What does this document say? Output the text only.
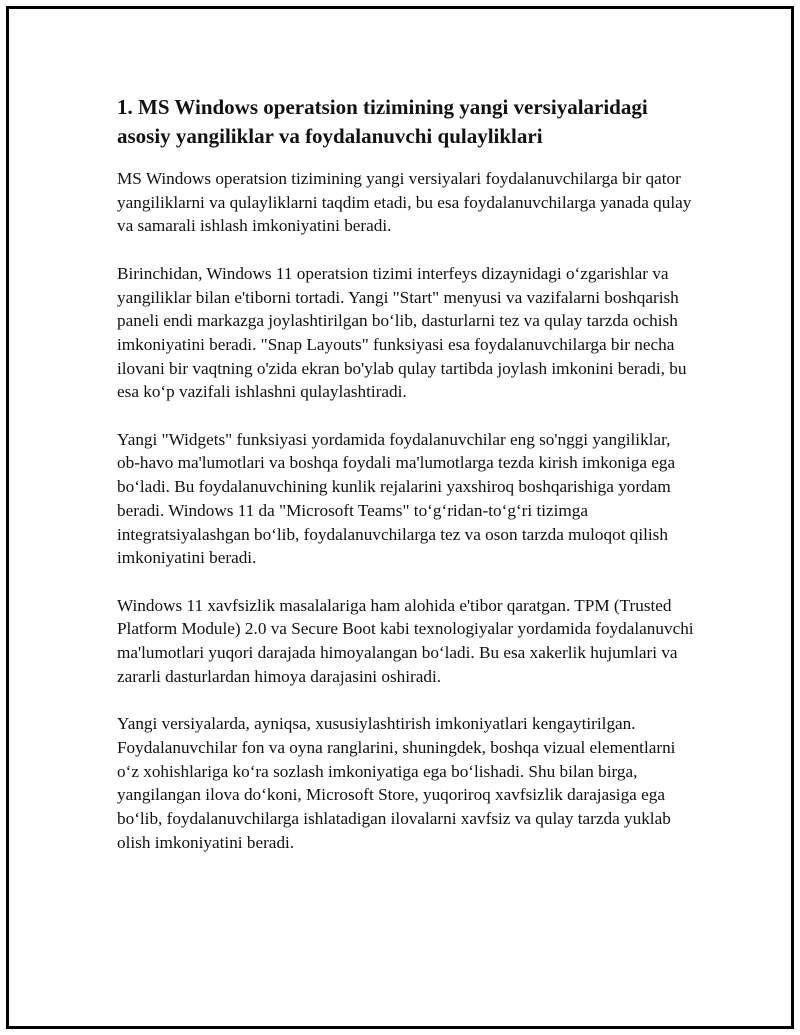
1. MS Windows operatsion tizimining yangi versiyalaridagi asosiy yangiliklar va foydalanuvchi qulayliklari

MS Windows operatsion tizimining yangi versiyalari foydalanuvchilarga bir qator yangiliklarni va qulayliklarni taqdim etadi, bu esa foydalanuvchilarga yanada qulay va samarali ishlash imkoniyatini beradi.

Birinchidan, Windows 11 operatsion tizimi interfeys dizaynidagi o‘zgarishlar va yangiliklar bilan e'tiborni tortadi. Yangi "Start" menyusi va vazifalarni boshqarish paneli endi markazga joylashtirilgan bo‘lib, dasturlarni tez va qulay tarzda ochish imkoniyatini beradi. "Snap Layouts" funksiyasi esa foydalanuvchilarga bir necha ilovani bir vaqtning o'zida ekran bo'ylab qulay tartibda joylash imkonini beradi, bu esa ko‘p vazifali ishlashni qulaylashtiradi.

Yangi "Widgets" funksiyasi yordamida foydalanuvchilar eng so'nggi yangiliklar, ob-havo ma'lumotlari va boshqa foydali ma'lumotlarga tezda kirish imkoniga ega bo‘ladi. Bu foydalanuvchining kunlik rejalarini yaxshiroq boshqarishiga yordam beradi. Windows 11 da "Microsoft Teams" to‘g‘ridan-to‘g‘ri tizimga integratsiyalashgan bo‘lib, foydalanuvchilarga tez va oson tarzda muloqot qilish imkoniyatini beradi.

Windows 11 xavfsizlik masalalariga ham alohida e'tibor qaratgan. TPM (Trusted Platform Module) 2.0 va Secure Boot kabi texnologiyalar yordamida foydalanuvchi ma'lumotlari yuqori darajada himoyalangan bo‘ladi. Bu esa xakerlik hujumlari va zararli dasturlardan himoya darajasini oshiradi.

Yangi versiyalarda, ayniqsa, xususiylashtirish imkoniyatlari kengaytirilgan. Foydalanuvchilar fon va oyna ranglarini, shuningdek, boshqa vizual elementlarni o‘z xohishlariga ko‘ra sozlash imkoniyatiga ega bo‘lishadi. Shu bilan birga, yangilangan ilova do‘koni, Microsoft Store, yuqoriroq xavfsizlik darajasiga ega bo‘lib, foydalanuvchilarga ishlatadigan ilovalarni xavfsiz va qulay tarzda yuklab olish imkoniyatini beradi.
